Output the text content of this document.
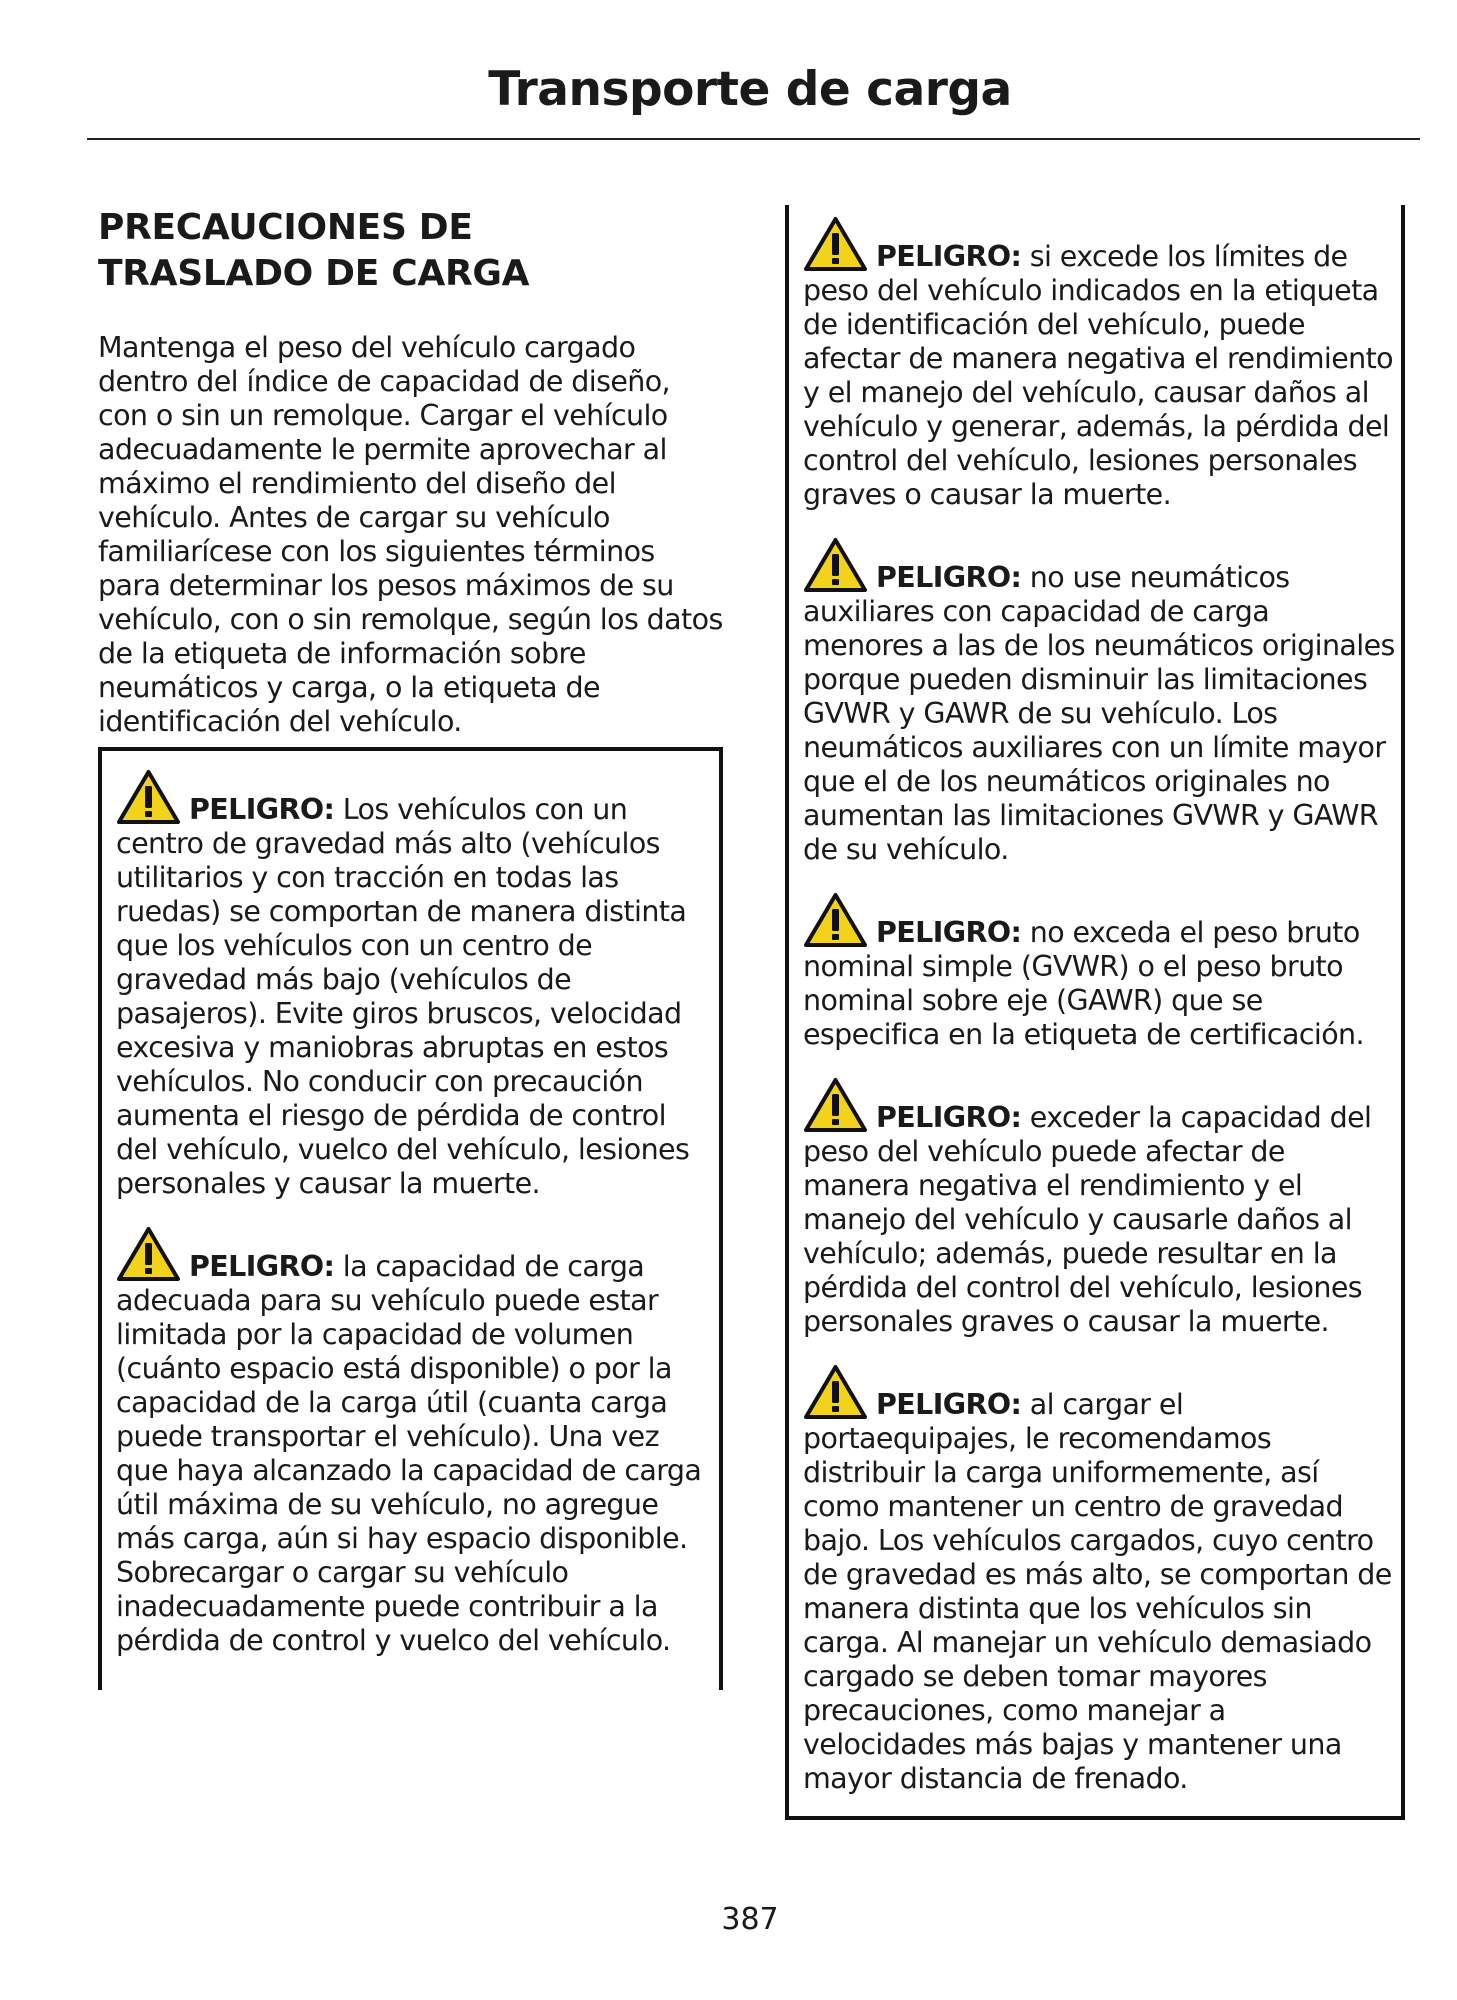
Transporte de carga
PRECAUCIONES DE
TRASLADO DE CARGA

Mantenga el peso del vehículo cargado dentro del índice de capacidad de diseño, con o sin un remolque. Cargar el vehículo adecuadamente le permite aprovechar al máximo el rendimiento del diseño del vehículo. Antes de cargar su vehículo familiarícese con los siguientes términos para determinar los pesos máximos de su vehículo, con o sin remolque, según los datos de la etiqueta de información sobre neumáticos y carga, o la etiqueta de identificación del vehículo.

PELIGRO: Los vehículos con un centro de gravedad más alto (vehículos utilitarios y con tracción en todas las ruedas) se comportan de manera distinta que los vehículos con un centro de gravedad más bajo (vehículos de pasajeros). Evite giros bruscos, velocidad excesiva y maniobras abruptas en estos vehículos. No conducir con precaución aumenta el riesgo de pérdida de control del vehículo, vuelco del vehículo, lesiones personales y causar la muerte.

PELIGRO: la capacidad de carga adecuada para su vehículo puede estar limitada por la capacidad de volumen (cuánto espacio está disponible) o por la capacidad de la carga útil (cuanta carga puede transportar el vehículo). Una vez que haya alcanzado la capacidad de carga útil máxima de su vehículo, no agregue más carga, aún si hay espacio disponible. Sobrecargar o cargar su vehículo inadecuadamente puede contribuir a la pérdida de control y vuelco del vehículo.

PELIGRO: si excede los límites de peso del vehículo indicados en la etiqueta de identificación del vehículo, puede afectar de manera negativa el rendimiento y el manejo del vehículo, causar daños al vehículo y generar, además, la pérdida del control del vehículo, lesiones personales graves o causar la muerte.

PELIGRO: no use neumáticos auxiliares con capacidad de carga menores a las de los neumáticos originales porque pueden disminuir las limitaciones GVWR y GAWR de su vehículo. Los neumáticos auxiliares con un límite mayor que el de los neumáticos originales no aumentan las limitaciones GVWR y GAWR de su vehículo.

PELIGRO: no exceda el peso bruto nominal simple (GVWR) o el peso bruto nominal sobre eje (GAWR) que se especifica en la etiqueta de certificación.

PELIGRO: exceder la capacidad del peso del vehículo puede afectar de manera negativa el rendimiento y el manejo del vehículo y causarle daños al vehículo; además, puede resultar en la pérdida del control del vehículo, lesiones personales graves o causar la muerte.

PELIGRO: al cargar el portaequipajes, le recomendamos distribuir la carga uniformemente, así como mantener un centro de gravedad bajo. Los vehículos cargados, cuyo centro de gravedad es más alto, se comportan de manera distinta que los vehículos sin carga. Al manejar un vehículo demasiado cargado se deben tomar mayores precauciones, como manejar a velocidades más bajas y mantener una mayor distancia de frenado.

387
